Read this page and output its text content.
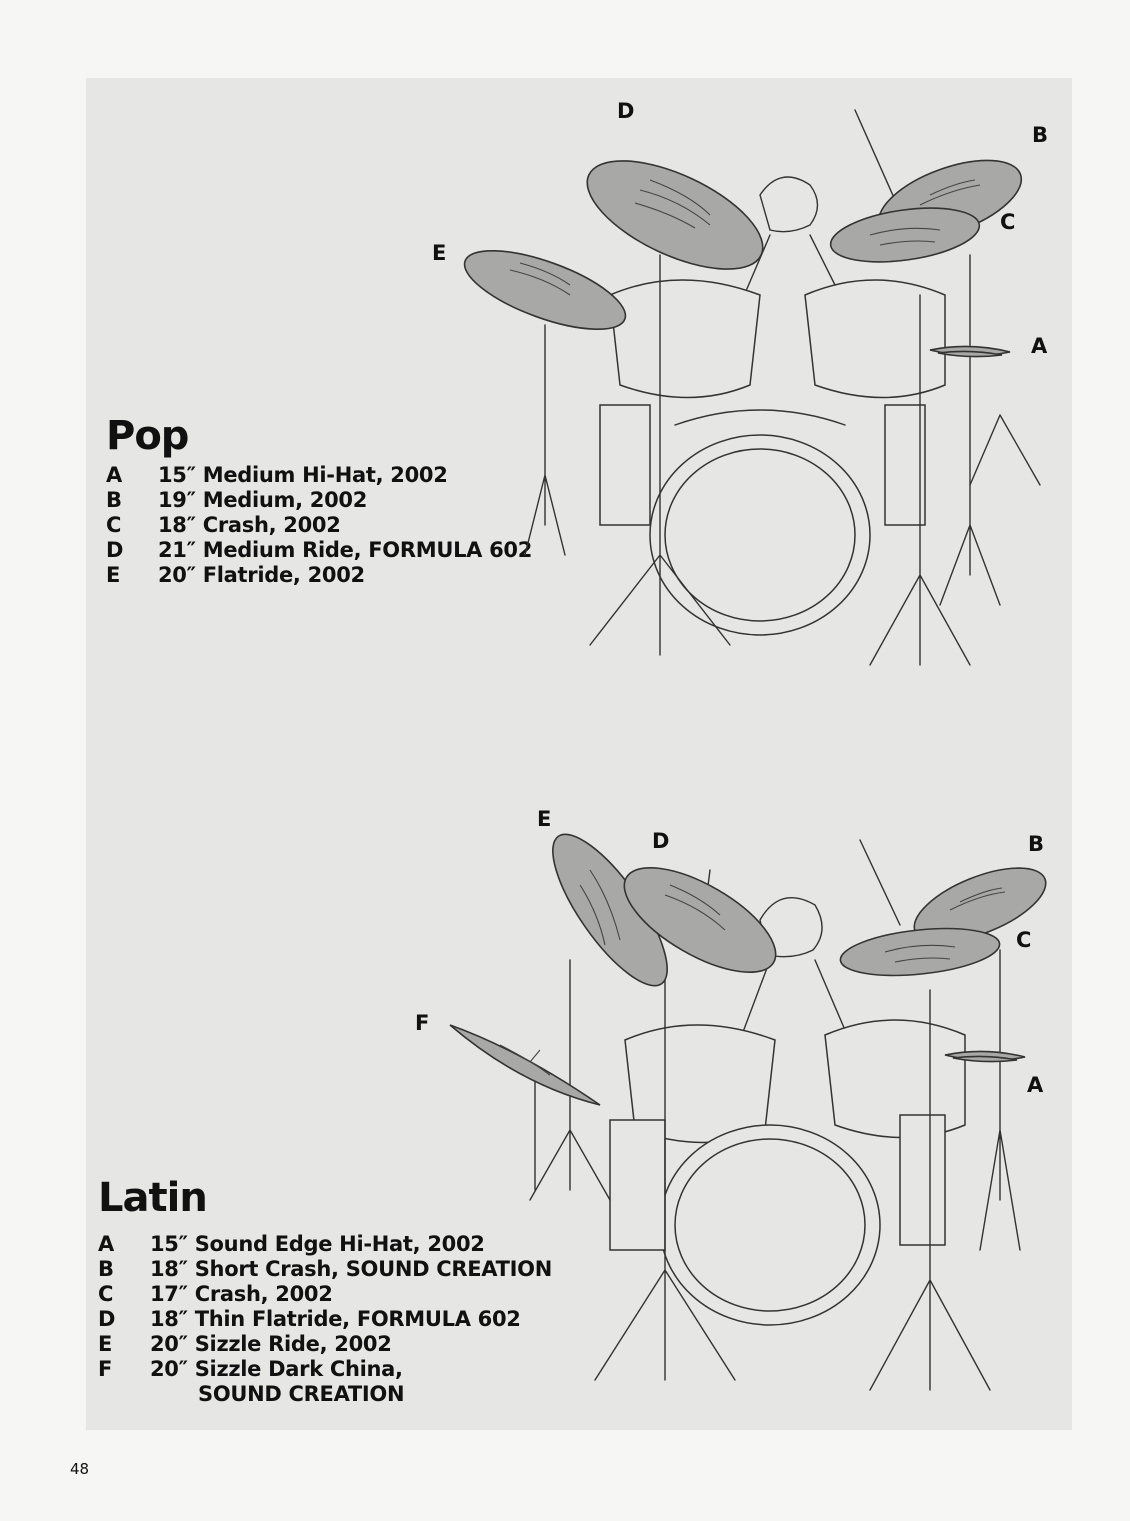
Pop
A	15″ Medium Hi-Hat, 2002
B	19″ Medium, 2002
C	18″ Crash, 2002
D	21″ Medium Ride, FORMULA 602
E	20″ Flatride, 2002
D
B
C
E
A
Latin
A	15″ Sound Edge Hi-Hat, 2002
B	18″ Short Crash, SOUND CREATION
C	17″ Crash, 2002
D	18″ Thin Flatride, FORMULA 602
E	20″ Sizzle Ride, 2002
F	20″ Sizzle Dark China,
SOUND CREATION
E
D	B
C
F
A
48
